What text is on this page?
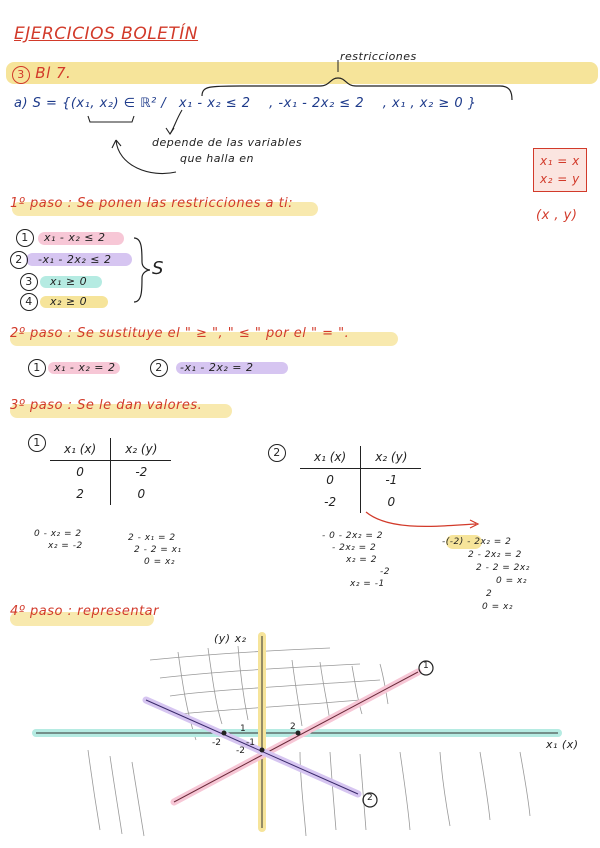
EJERCICIOS BOLETÍN
3 Bl 7.
restricciones
a) S = {(x₁, x₂) ∈ ℝ² / x₁ - x₂ ≤ 2 , -x₁ - 2x₂ ≤ 2 , x₁ , x₂ ≥ 0 }
depende de las variables
que halla en	x₁ = x
x₂ = y
(x , y)
1º paso : Se ponen las restricciones a ti:
1 x₁ - x₂ ≤ 2
2 -x₁ - 2x₂ ≤ 2
3 x₁ ≥ 0
4 x₂ ≥ 0
S
2º paso : Se sustituye el " ≥ ", " ≤ " por el " = ".
1 x₁ - x₂ = 2	2 -x₁ - 2x₂ = 2
3º paso : Se le dan valores.
1	x₁ (x)	x₂ (y)
0	-2
2	0
2	x₁ (x)	x₂ (y)
0	-1
-2	0
0 - x₂ = 2
x₂ = -2
2 - x₁ = 2
2 - 2 = x₁
0 = x₂
- 0 - 2x₂ = 2
- 2x₂ = 2
x₂ = 2
-2
x₂ = -1
-(-2) - 2x₂ = 2
2 - 2x₂ = 2
2 - 2 = 2x₂
0 = x₂
2
0 = x₂
4º paso : representar
(y) x₂
x₁ (x)
1
2
-2
2
1
-1
-2
